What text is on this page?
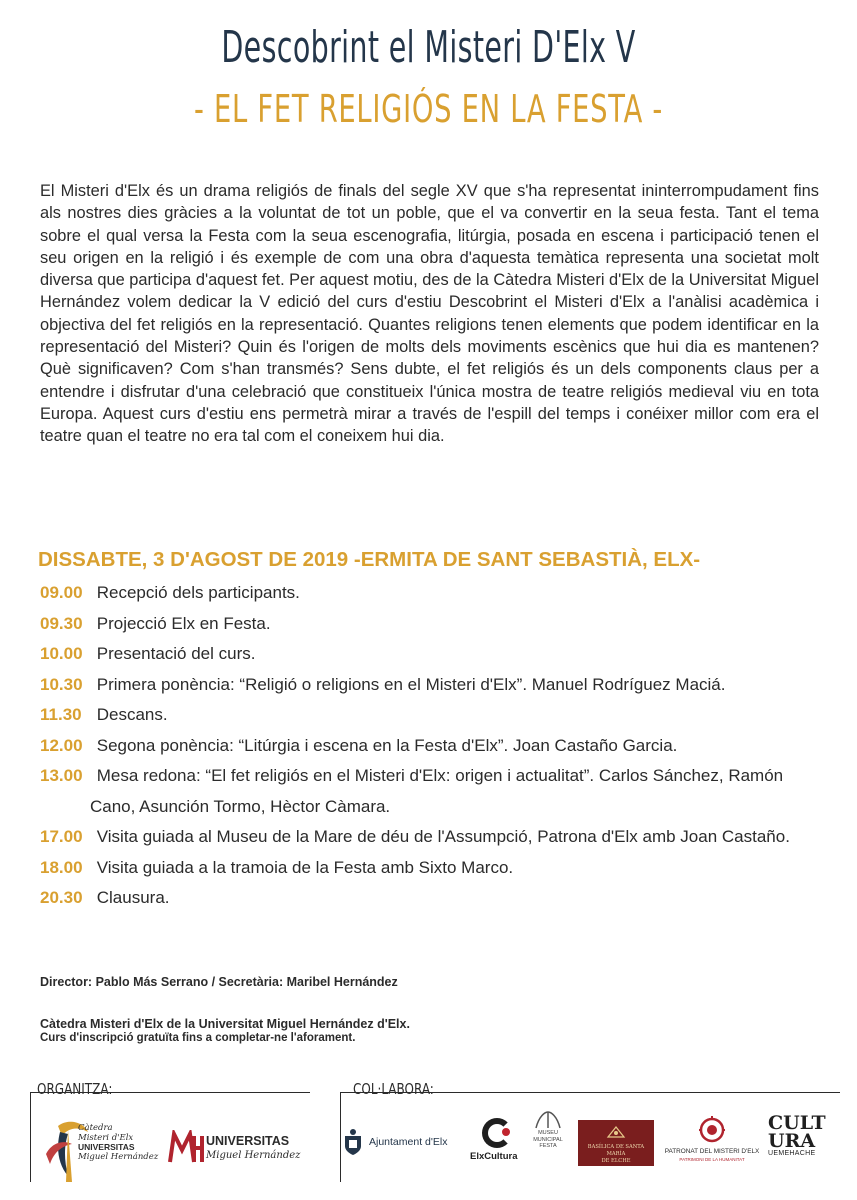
Descobrint el Misteri D'Elx V
- EL FET RELIGIÓS EN LA FESTA -

El Misteri d'Elx és un drama religiós de finals del segle XV que s'ha representat ininterrompudament fins als nostres dies gràcies a la voluntat de tot un poble, que el va convertir en la seua festa. Tant el tema sobre el qual versa la Festa com la seua escenografia, litúrgia, posada en escena i participació tenen el seu origen en la religió i és exemple de com una obra d'aquesta temàtica representa una societat molt diversa que participa d'aquest fet. Per aquest motiu, des de la Càtedra Misteri d'Elx de la Universitat Miguel Hernández volem dedicar la V edició del curs d'estiu Descobrint el Misteri d'Elx a l'anàlisi acadèmica i objectiva del fet religiós en la representació. Quantes religions tenen elements que podem identificar en la representació del Misteri? Quin és l'origen de molts dels moviments escènics que hui dia es mantenen? Què significaven? Com s'han transmés? Sens dubte, el fet religiós és un dels components claus per a entendre i disfrutar d'una celebració que constitueix l'única mostra de teatre religiós medieval viu en tota Europa. Aquest curs d'estiu ens permetrà mirar a través de l'espill del temps i conéixer millor com era el teatre quan el teatre no era tal com el coneixem hui dia.

DISSABTE, 3 D'AGOST DE 2019 -ERMITA DE SANT SEBASTIÀ, ELX-
09.00 Recepció dels participants.
09.30 Projecció Elx en Festa.
10.00 Presentació del curs.
10.30 Primera ponència: “Religió o religions en el Misteri d'Elx”. Manuel Rodríguez Maciá.
11.30 Descans.
12.00 Segona ponència: “Litúrgia i escena en la Festa d'Elx”. Joan Castaño Garcia.
13.00 Mesa redona: “El fet religiós en el Misteri d'Elx: origen i actualitat”. Carlos Sánchez, Ramón Cano, Asunción Tormo, Hèctor Càmara.
17.00 Visita guiada al Museu de la Mare de déu de l'Assumpció, Patrona d'Elx amb Joan Castaño.
18.00 Visita guiada a la tramoia de la Festa amb Sixto Marco.
20.30 Clausura.
Director: Pablo Más Serrano / Secretària: Maribel Hernández
Càtedra Misteri d'Elx de la Universitat Miguel Hernández d'Elx.
Curs d'inscripció gratuïta fins a completar-ne l'aforament.
ORGANITZA:
Càtedra
Misteri d'Elx
UNIVERSITAS
Miguel Hernández
UNIVERSITAS
Miguel Hernández
COL·LABORA:
Ajuntament d'Elx
ElxCultura
MUSEU
MUNICIPAL
FESTA	BASÍLICA DE SANTA MARÍA
DE ELCHE
PATRONAT DEL MISTERI D'ELX
PATRIMONI DE LA HUMANITAT
CULT
URA
UEMEHACHE
